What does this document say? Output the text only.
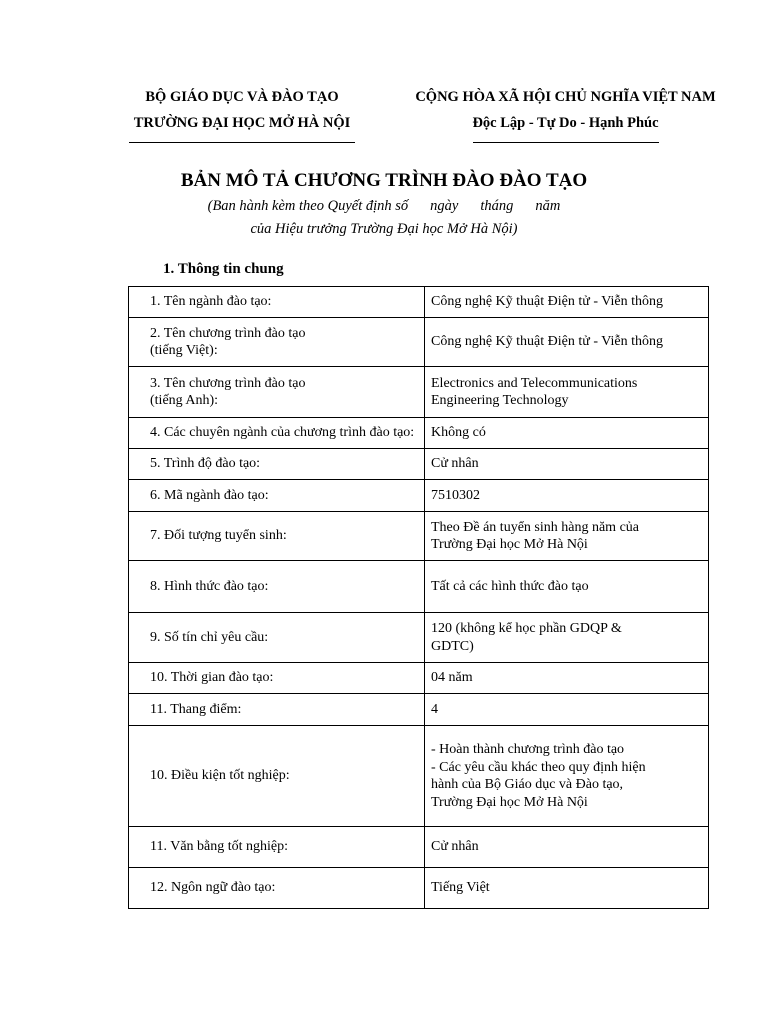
BỘ GIÁO DỤC VÀ ĐÀO TẠO
TRƯỜNG ĐẠI HỌC MỞ HÀ NỘI
CỘNG HÒA XÃ HỘI CHỦ NGHĨA VIỆT NAM
Độc Lập - Tự Do - Hạnh Phúc
BẢN MÔ TẢ CHƯƠNG TRÌNH ĐÀO ĐÀO TẠO
(Ban hành kèm theo Quyết định số ngày tháng năm
của Hiệu trưởng Trường Đại học Mở Hà Nội)
1. Thông tin chung
1. Tên ngành đào tạo:	Công nghệ Kỹ thuật Điện tử - Viễn thông
2. Tên chương trình đào tạo
(tiếng Việt):	Công nghệ Kỹ thuật Điện tử - Viễn thông
3. Tên chương trình đào tạo
(tiếng Anh):	Electronics and Telecommunications
Engineering Technology
4. Các chuyên ngành của chương trình đào tạo:	Không có
5. Trình độ đào tạo:	Cử nhân
6. Mã ngành đào tạo:	7510302
7. Đối tượng tuyển sinh:	Theo Đề án tuyển sinh hàng năm của
Trường Đại học Mở Hà Nội
8. Hình thức đào tạo:	Tất cả các hình thức đào tạo
9. Số tín chỉ yêu cầu:	120 (không kể học phần GDQP &
GDTC)
10. Thời gian đào tạo:	04 năm
11. Thang điểm:	4
10. Điều kiện tốt nghiệp:	- Hoàn thành chương trình đào tạo
- Các yêu cầu khác theo quy định hiện
hành của Bộ Giáo dục và Đào tạo,
Trường Đại học Mở Hà Nội
11. Văn bằng tốt nghiệp:	Cử nhân
12. Ngôn ngữ đào tạo:	Tiếng Việt
